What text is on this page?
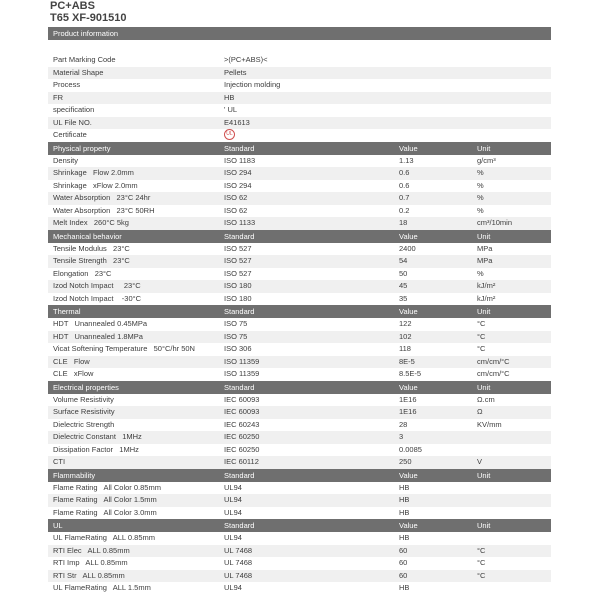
PC+ABS
T65 XF-901510
Product information
Part Marking Code	>(PC+ABS)<
Material Shape	Pellets
Process	Injection molding
FR	HB
specification	' UL
UL File NO.	E41613
Certificate	UL
Physical property	Standard	Value	Unit
Density	ISO 1183	1.13	g/cm³
Shrinkage   Flow 2.0mm	ISO 294	0.6	%
Shrinkage   xFlow 2.0mm	ISO 294	0.6	%
Water Absorption   23°C 24hr	ISO 62	0.7	%
Water Absorption   23°C 50RH	ISO 62	0.2	%
Melt Index   260°C 5kg	ISO 1133	18	cm³/10min
Mechanical behavior	Standard	Value	Unit
Tensile Modulus   23°C	ISO 527	2400	MPa
Tensile Strength   23°C	ISO 527	54	MPa
Elongation   23°C	ISO 527	50	%
Izod Notch Impact     23°C	ISO 180	45	kJ/m²
Izod Notch Impact    -30°C	ISO 180	35	kJ/m²
Thermal	Standard	Value	Unit
HDT   Unannealed 0.45MPa	ISO 75	122	°C
HDT   Unannealed 1.8MPa	ISO 75	102	°C
Vicat Softening Temperature   50°C/hr 50N	ISO 306	118	°C
CLE   Flow	ISO 11359	8E-5	cm/cm/°C
CLE   xFlow	ISO 11359	8.5E-5	cm/cm/°C
Electrical properties	Standard	Value	Unit
Volume Resistivity	IEC 60093	1E16	Ω.cm
Surface Resistivity	IEC 60093	1E16	Ω
Dielectric Strength	IEC 60243	28	KV/mm
Dielectric Constant   1MHz	IEC 60250	3
Dissipation Factor   1MHz	IEC 60250	0.0085
CTI	IEC 60112	250	V
Flammability	Standard	Value	Unit
Flame Rating   All Color 0.85mm	UL94	HB
Flame Rating   All Color 1.5mm	UL94	HB
Flame Rating   All Color 3.0mm	UL94	HB
UL	Standard	Value	Unit
UL FlameRating   ALL 0.85mm	UL94	HB
RTI Elec   ALL 0.85mm	UL 7468	60	°C
RTI Imp   ALL 0.85mm	UL 7468	60	°C
RTI Str   ALL 0.85mm	UL 7468	60	°C
UL FlameRating   ALL 1.5mm	UL94	HB
